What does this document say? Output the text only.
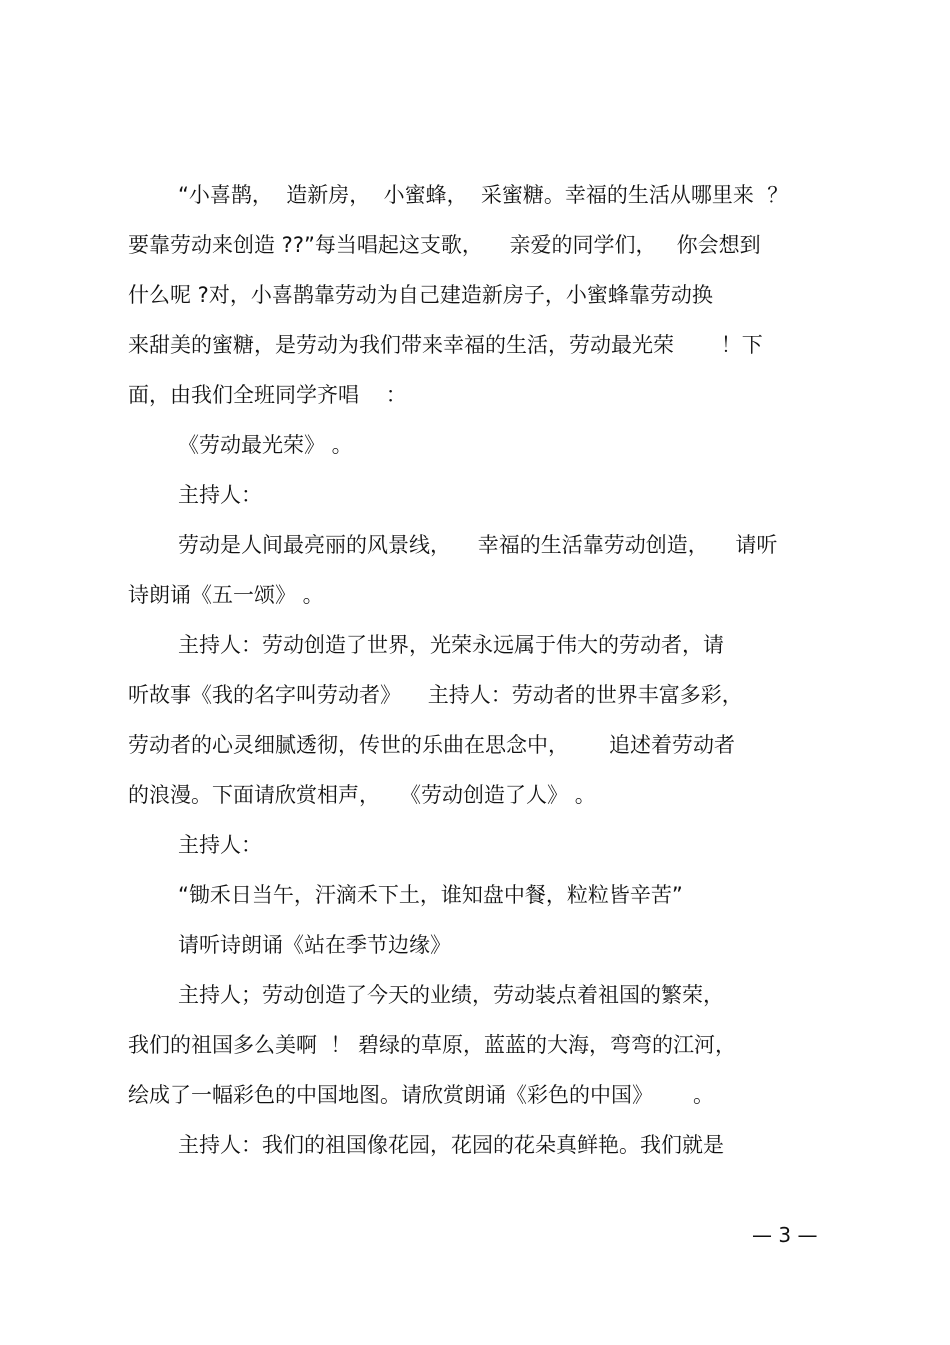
“小喜鹊，  造新房，  小蜜蜂，  采蜜糖。幸福的生活从哪里来  ？
要靠劳动来创造 ??”每当唱起这支歌，    亲爱的同学们，   你会想到
什么呢 ?对，小喜鹊靠劳动为自己建造新房子，小蜜蜂靠劳动换
来甜美的蜜糖，是劳动为我们带来幸福的生活，劳动最光荣       ！下
面，由我们全班同学齐唱    ：
《劳动最光荣》 。
主持人：
劳动是人间最亮丽的风景线，    幸福的生活靠劳动创造，    请听
诗朗诵《五一颂》 。
主持人：劳动创造了世界，光荣永远属于伟大的劳动者，请
听故事《我的名字叫劳动者》    主持人：劳动者的世界丰富多彩，
劳动者的心灵细腻透彻，传世的乐曲在思念中，      追述着劳动者
的浪漫。下面请欣赏相声，   《劳动创造了人》 。
主持人：
“锄禾日当午，汗滴禾下土，谁知盘中餐，粒粒皆辛苦”
请听诗朗诵《站在季节边缘》
主持人；劳动创造了今天的业绩，劳动装点着祖国的繁荣，
我们的祖国多么美啊  ！ 碧绿的草原，蓝蓝的大海，弯弯的江河，
绘成了一幅彩色的中国地图。请欣赏朗诵《彩色的中国》      。
主持人：我们的祖国像花园，花园的花朵真鲜艳。我们就是
— 3 —
